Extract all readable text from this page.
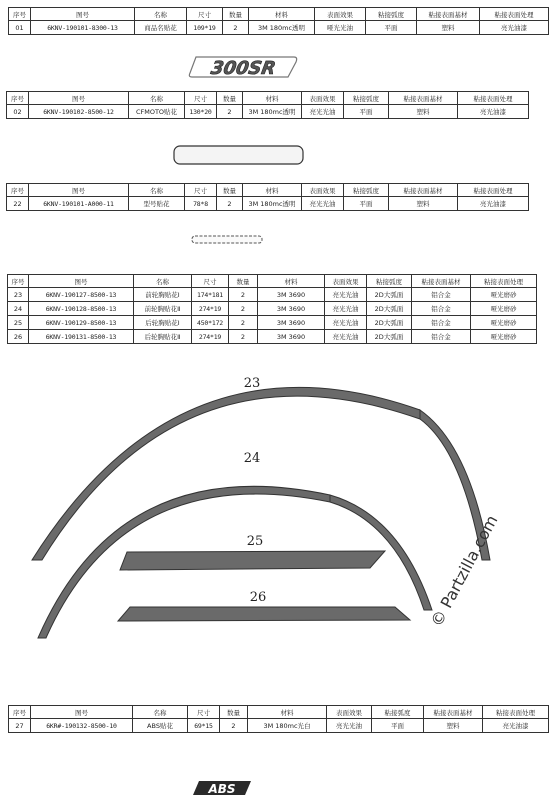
序号	图号	名称	尺寸	数量	材料	表面效果	粘接弧度	粘接表面基材	粘接表面处理
01	6KNV-190101-8300-13	商品名贴花	109*19	2	3M 180mc透明	哑光光油	平面	塑料	亮光油漆
300SR
序号	图号	名称	尺寸	数量	材料	表面效果	粘接弧度	粘接表面基材	粘接表面处理
02	6KNV-190102-8500-12	CFMOTO贴花	130*20	2	3M 180mc透明	亮光光油	平面	塑料	亮光油漆
序号	图号	名称	尺寸	数量	材料	表面效果	粘接弧度	粘接表面基材	粘接表面处理
22	6KNV-190101-A000-11	型号贴花	78*8	2	3M 180mc透明	亮光光油	平面	塑料	亮光油漆
序号	图号	名称	尺寸	数量	材料	表面效果	粘接弧度	粘接表面基材	粘接表面处理
23	6KNV-190127-8500-13	前轮胸贴花Ⅰ	174*181	2	3M 3690	亮光光油	2D大弧面	铝合金	哑光磨砂
24	6KNV-190128-8500-13	前轮胸贴花Ⅱ	274*19	2	3M 3690	亮光光油	2D大弧面	铝合金	哑光磨砂
25	6KNV-190129-8500-13	后轮胸贴花Ⅰ	450*172	2	3M 3690	亮光光油	2D大弧面	铝合金	哑光磨砂
26	6KNV-190131-8500-13	后轮胸贴花Ⅱ	274*19	2	3M 3690	亮光光油	2D大弧面	铝合金	哑光磨砂
23
24
25
26	© Partzilla.com
序号	图号	名称	尺寸	数量	材料	表面效果	粘接弧度	粘接表面基材	粘接表面处理
27	6KR#-190132-8500-10	ABS贴花	69*15	2	3M 180mc光白	亮光光油	平面	塑料	亮光油漆
ABS
